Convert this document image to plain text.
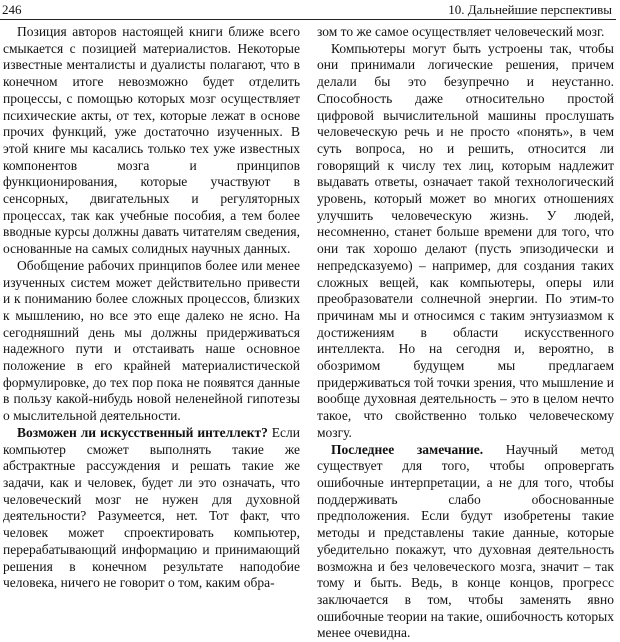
246	10. Дальнейшие перспективы

Позиция авторов настоящей книги ближе всего смыкается с позицией материалистов. Некоторые известные менталисты и дуалисты полагают, что в конечном итоге невозможно будет отделить процессы, с помощью которых мозг осуществляет психические акты, от тех, которые лежат в основе прочих функций, уже достаточно изученных. В этой книге мы касались только тех уже известных компонентов мозга и принципов функционирования, которые участвуют в сенсорных, двигательных и регуляторных процессах, так как учебные пособия, а тем более вводные курсы должны давать читателям сведения, основанные на самых солидных научных данных.

Обобщение рабочих принципов более или менее изученных систем может действительно привести и к пониманию более сложных процессов, близких к мышлению, но все это еще далеко не ясно. На сегодняшний день мы должны придерживаться надежного пути и отстаивать наше основное положение в его крайней материалистической формулировке, до тех пор пока не появятся данные в пользу какой-нибудь новой неленейной гипотезы о мыслительной деятельности.

Возможен ли искусственный интеллект? Если компьютер сможет выполнять такие же абстрактные рассуждения и решать такие же задачи, как и человек, будет ли это означать, что человеческий мозг не нужен для духовной деятельности? Разумеется, нет. Тот факт, что человек может спроектировать компьютер, перерабатывающий информацию и принимающий решения в конечном результате наподобие человека, ничего не говорит о том, каким обра-

зом то же самое осуществляет человеческий мозг.

Компьютеры могут быть устроены так, чтобы они принимали логические решения, причем делали бы это безупречно и неустанно. Способность даже относительно простой цифровой вычислительной машины прослушать человеческую речь и не просто «понять», в чем суть вопроса, но и решить, относится ли говорящий к числу тех лиц, которым надлежит выдавать ответы, означает такой технологический уровень, который может во многих отношениях улучшить человеческую жизнь. У людей, несомненно, станет больше времени для того, что они так хорошо делают (пусть эпизодически и непредсказуемо) – например, для создания таких сложных вещей, как компьютеры, оперы или преобразователи солнечной энергии. По этим-то причинам мы и относимся с таким энтузиазмом к достижениям в области искусственного интеллекта. Но на сегодня и, вероятно, в обозримом будущем мы предлагаем придерживаться той точки зрения, что мышление и вообще духовная деятельность – это в целом нечто такое, что свойственно только человеческому мозгу.

Последнее замечание. Научный метод существует для того, чтобы опровергать ошибочные интерпретации, а не для того, чтобы поддерживать слабо обоснованные предположения. Если будут изобретены такие методы и представлены такие данные, которые убедительно покажут, что духовная деятельность возможна и без человеческого мозга, значит – так тому и быть. Ведь, в конце концов, прогресс заключается в том, чтобы заменять явно ошибочные теории на такие, ошибочность которых менее очевидна.
